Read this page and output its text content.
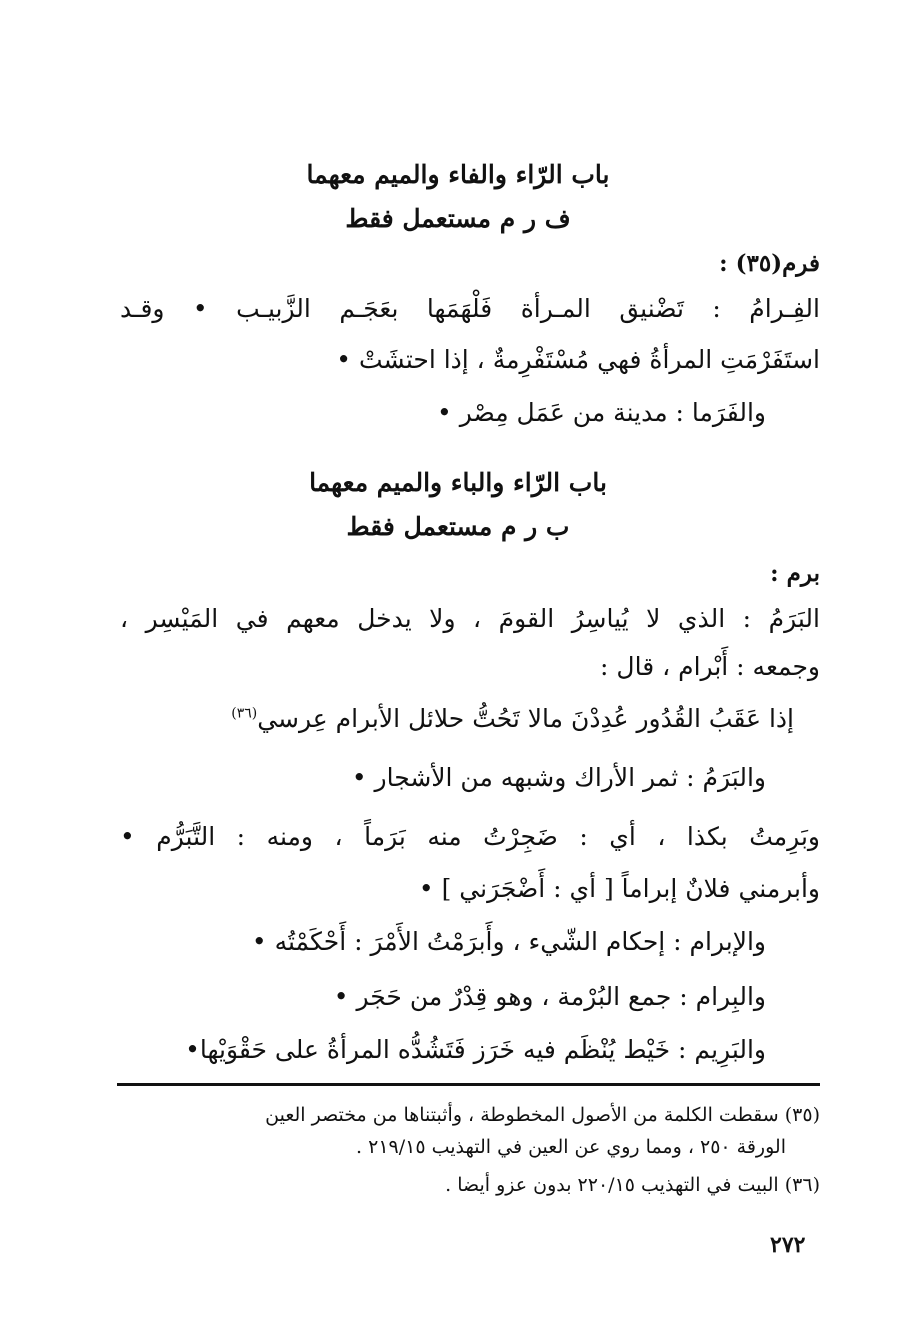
باب الرّاء والفاء والميم معهما
ف ر م مستعمل فقط
فرم(٣٥) :
الفِـرامُ : تَضْنيق المـرأة فَلْهَمَها بعَجَـم الزَّبيـب • وقـد
استَفَرْمَتِ المرأةُ فهي مُسْتَفْرِمةٌ ، إذا احتشَتْ •
والفَرَما : مدينة من عَمَل مِصْر •
باب الرّاء والباء والميم معهما
ب ر م مستعمل فقط
برم :
البَرَمُ : الذي لا يُياسِرُ القومَ ، ولا يدخل معهم في المَيْسِر ،
وجمعه : أَبْرام ، قال :
إذا عَقَبُ القُدُور عُدِدْنَ مالا تَحُتُّ حلائل الأبرام عِرسي$^{(٣٦)}$
والبَرَمُ : ثمر الأراك وشبهه من الأشجار •
وبَرِمتُ بكذا ، أي : ضَجِرْتُ منه بَرَماً ، ومنه : التَّبَرُّم •
وأبرمني فلانٌ إبراماً [ أي : أَضْجَرَني ] •
والإبرام : إحكام الشّيء ، وأَبرَمْتُ الأَمْرَ : أَحْكَمْتُه •
والبِرام : جمع البُرْمة ، وهو قِدْرٌ من حَجَر •
والبَرِيم : خَيْط يُنْظَم فيه خَرَز فَتَشُدُّه المرأةُ على حَقْوَيْها•
(٣٥) سقطت الكلمة من الأصول المخطوطة ، وأثبتناها من مختصر العين
الورقة ٢٥٠ ، ومما روي عن العين في التهذيب ٢١٩/١٥ .
(٣٦) البيت في التهذيب ٢٢٠/١٥ بدون عزو أيضا .
٢٧٢
